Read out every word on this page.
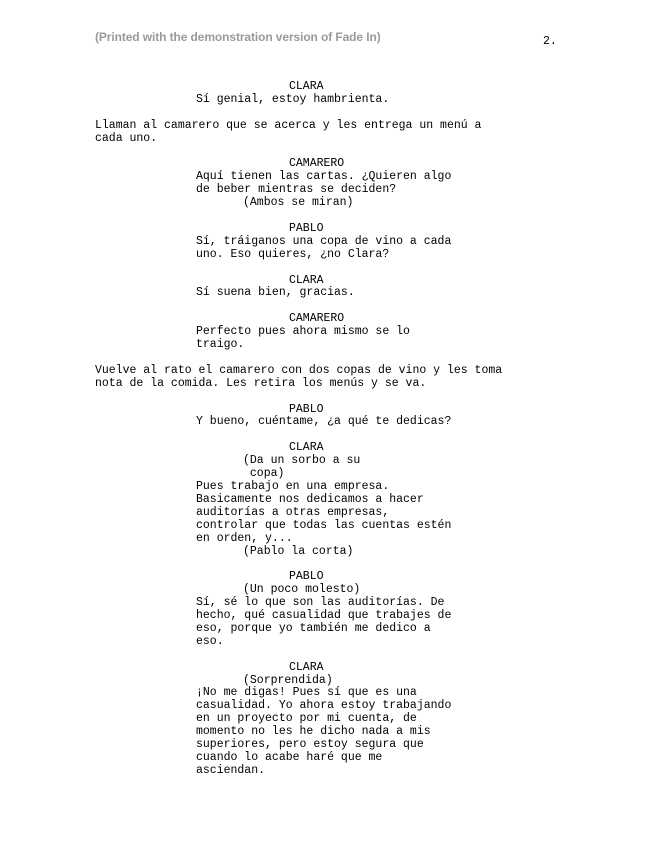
(Printed with the demonstration version of Fade In)	2.
CLARA
Sí genial, estoy hambrienta.
Llaman al camarero que se acerca y les entrega un menú a
cada uno.
CAMARERO
Aquí tienen las cartas. ¿Quieren algo
de beber mientras se deciden?
(Ambos se miran)
PABLO
Sí, tráiganos una copa de vino a cada
uno. Eso quieres, ¿no Clara?
CLARA
Sí suena bien, gracias.
CAMARERO
Perfecto pues ahora mismo se lo
traigo.
Vuelve al rato el camarero con dos copas de vino y les toma
nota de la comida. Les retira los menús y se va.
PABLO
Y bueno, cuéntame, ¿a qué te dedicas?
CLARA
(Da un sorbo a su
copa)
Pues trabajo en una empresa.
Basicamente nos dedicamos a hacer
auditorías a otras empresas,
controlar que todas las cuentas estén
en orden, y...
(Pablo la corta)
PABLO
(Un poco molesto)
Sí, sé lo que son las auditorías. De
hecho, qué casualidad que trabajes de
eso, porque yo también me dedico a
eso.
CLARA
(Sorprendida)
¡No me digas! Pues sí que es una
casualidad. Yo ahora estoy trabajando
en un proyecto por mi cuenta, de
momento no les he dicho nada a mis
superiores, pero estoy segura que
cuando lo acabe haré que me
asciendan.
